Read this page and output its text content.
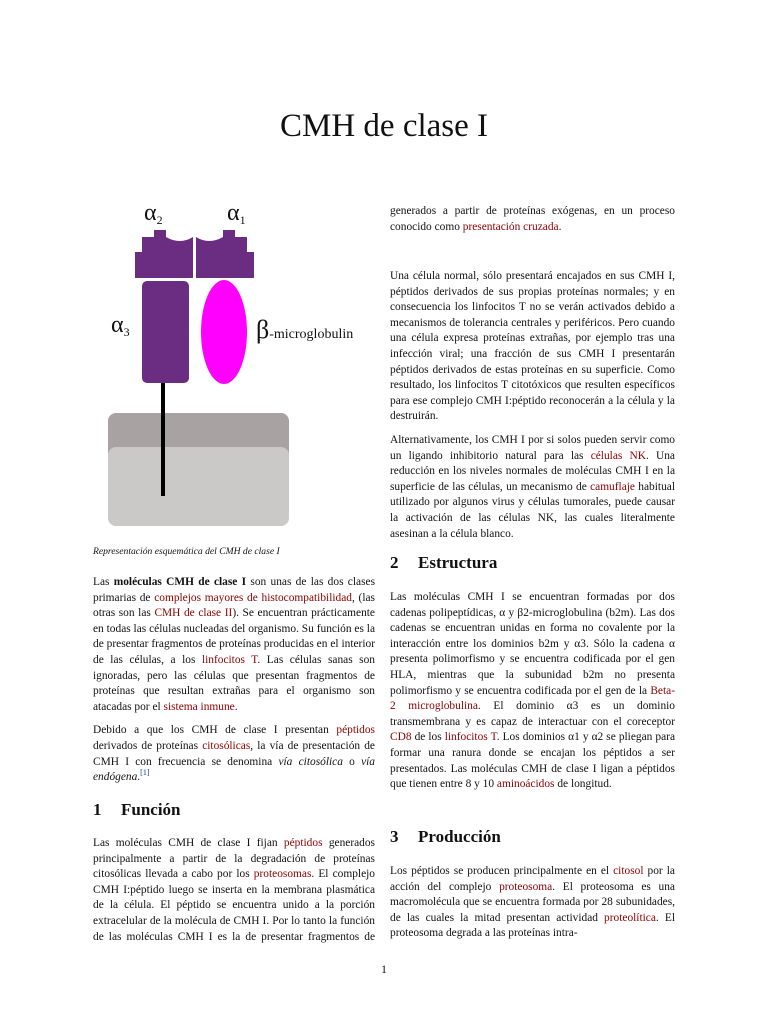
CMH de clase I
α2	α1
α3	β-microglobulin
Representación esquemática del CMH de clase I

Las moléculas CMH de clase I son unas de las dos clases primarias de complejos mayores de histocompatibilidad, (las otras son las CMH de clase II). Se encuentran prácticamente en todas las células nucleadas del organismo. Su función es la de presentar fragmentos de proteínas producidas en el interior de las células, a los linfocitos T. Las células sanas son ignoradas, pero las células que presentan fragmentos de proteínas que resultan extrañas para el organismo son atacadas por el sistema inmune.

Debido a que los CMH de clase I presentan péptidos derivados de proteínas citosólicas, la vía de presentación de CMH I con frecuencia se denomina vía citosólica o vía endógena.[1]

1 Función

Las moléculas CMH de clase I fijan péptidos generados principalmente a partir de la degradación de proteínas citosólicas llevada a cabo por los proteosomas. El complejo CMH I:péptido luego se inserta en la membrana plasmática de la célula. El péptido se encuentra unido a la porción extracelular de la molécula de CMH I. Por lo tanto la función de las moléculas CMH I es la de presentar fragmentos de

generados a partir de proteínas exógenas, en un proceso conocido como presentación cruzada.

Una célula normal, sólo presentará encajados en sus CMH I, péptidos derivados de sus propias proteínas normales; y en consecuencia los linfocitos T no se verán activados debido a mecanismos de tolerancia centrales y periféricos. Pero cuando una célula expresa proteínas extrañas, por ejemplo tras una infección viral; una fracción de sus CMH I presentarán péptidos derivados de estas proteínas en su superficie. Como resultado, los linfocitos T citotóxicos que resulten específicos para ese complejo CMH I:péptido reconocerán a la célula y la destruirán.

Alternativamente, los CMH I por si solos pueden servir como un ligando inhibitorio natural para las células NK. Una reducción en los niveles normales de moléculas CMH I en la superficie de las células, un mecanismo de camuflaje habitual utilizado por algunos virus y células tumorales, puede causar la activación de las células NK, las cuales literalmente asesinan a la célula blanco.

2 Estructura

Las moléculas CMH I se encuentran formadas por dos cadenas polipeptídicas, α y β2-microglobulina (b2m). Las dos cadenas se encuentran unidas en forma no covalente por la interacción entre los dominios b2m y α3. Sólo la cadena α presenta polimorfismo y se encuentra codificada por el gen HLA, mientras que la subunidad b2m no presenta polimorfismo y se encuentra codificada por el gen de la Beta-2 microglobulina. El dominio α3 es un dominio transmembrana y es capaz de interactuar con el coreceptor CD8 de los linfocitos T. Los dominios α1 y α2 se pliegan para formar una ranura donde se encajan los péptidos a ser presentados. Las moléculas CMH de clase I ligan a péptidos que tienen entre 8 y 10 aminoácidos de longitud.

3 Producción

Los péptidos se producen principalmente en el citosol por la acción del complejo proteosoma. El proteosoma es una macromolécula que se encuentra formada por 28 subunidades, de las cuales la mitad presentan actividad proteolítica. El proteosoma degrada a las proteínas intra-

1
